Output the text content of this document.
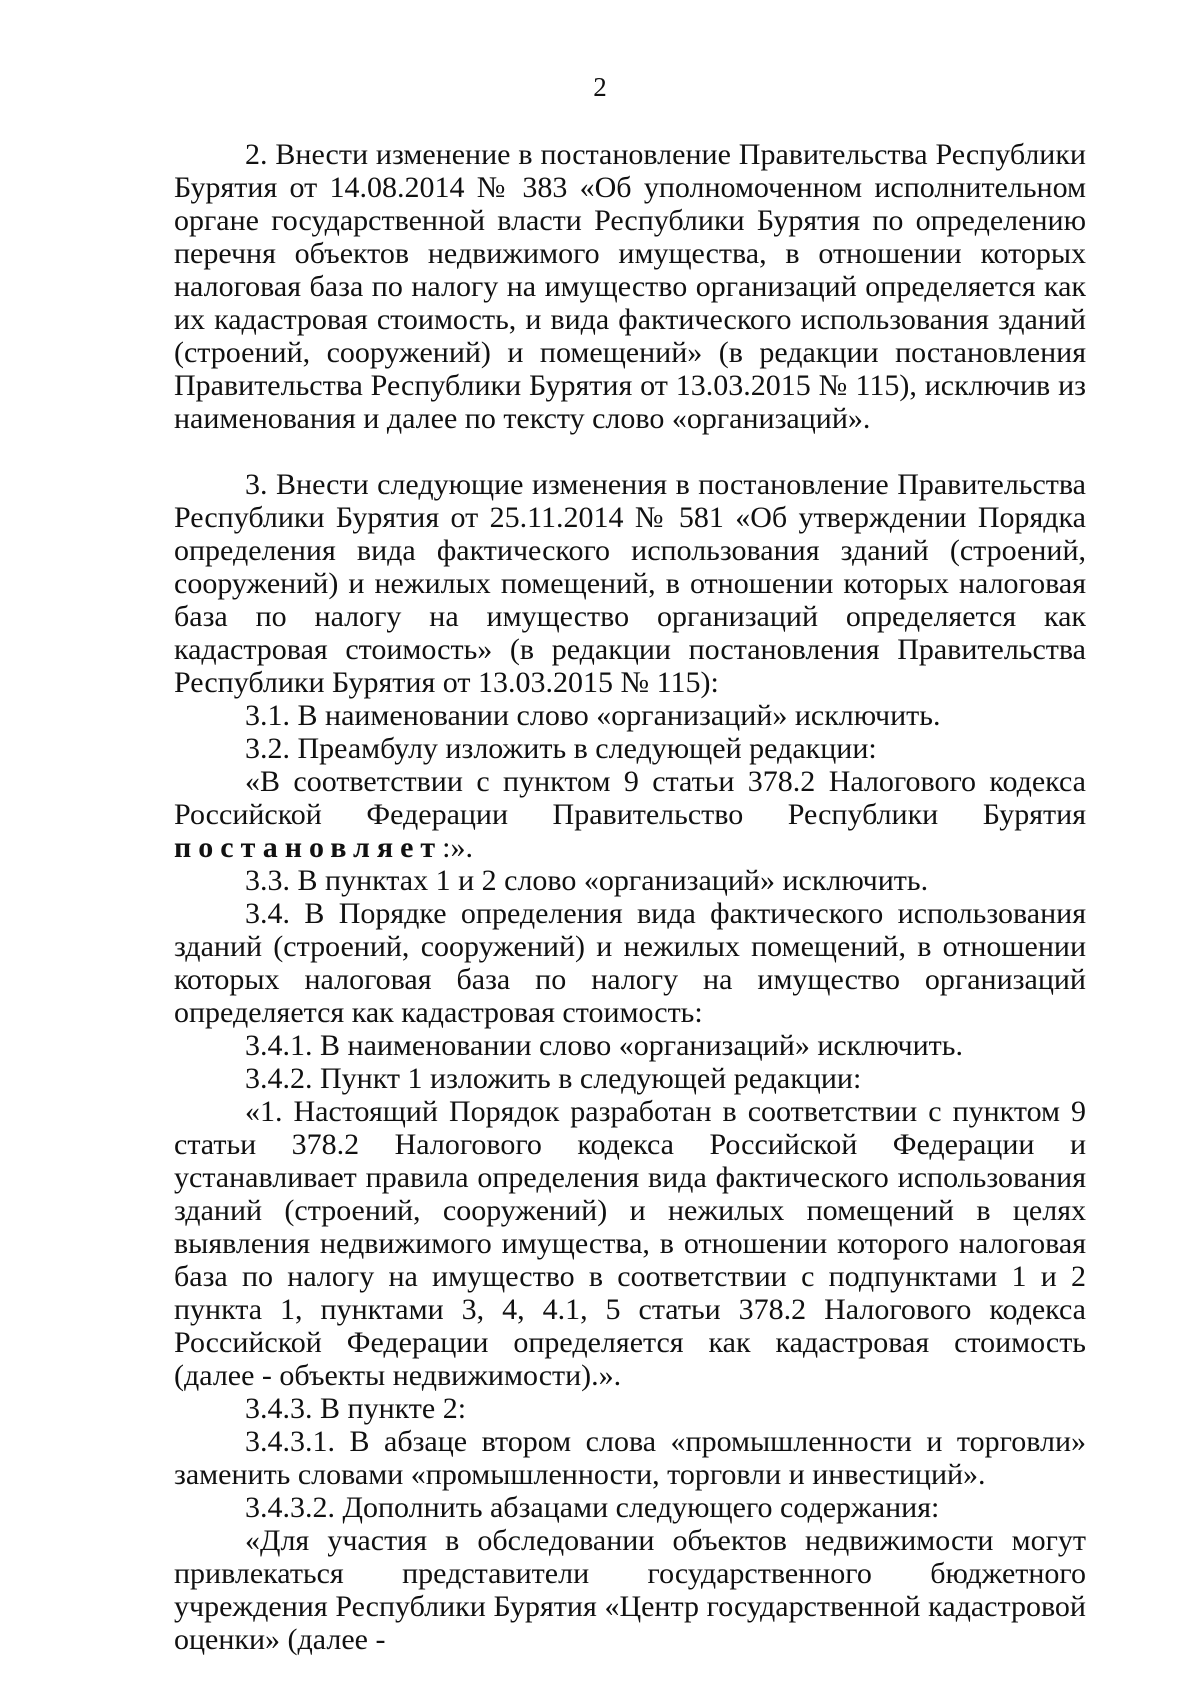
2

2. Внести изменение в постановление Правительства Республики Бурятия от 14.08.2014 № 383 «Об уполномоченном исполнительном органе государственной власти Республики Бурятия по определению перечня объектов недвижимого имущества, в отношении которых налоговая база по налогу на имущество организаций определяется как их кадастровая стоимость, и вида фактического использования зданий (строений, сооружений) и помещений» (в редакции постановления Правительства Республики Бурятия от 13.03.2015 № 115), исключив из наименования и далее по тексту слово «организаций».

3. Внести следующие изменения в постановление Правительства Республики Бурятия от 25.11.2014 № 581 «Об утверждении Порядка определения вида фактического использования зданий (строений, сооружений) и нежилых помещений, в отношении которых налоговая база по налогу на имущество организаций определяется как кадастровая стоимость» (в редакции постановления Правительства Республики Бурятия от 13.03.2015 № 115):

3.1. В наименовании слово «организаций» исключить.

3.2. Преамбулу изложить в следующей редакции:

«В соответствии с пунктом 9 статьи 378.2 Налогового кодекса Российской Федерации Правительство Республики Бурятия постановляет:».

3.3. В пунктах 1 и 2 слово «организаций» исключить.

3.4. В Порядке определения вида фактического использования зданий (строений, сооружений) и нежилых помещений, в отношении которых налоговая база по налогу на имущество организаций определяется как кадастровая стоимость:

3.4.1. В наименовании слово «организаций» исключить.

3.4.2. Пункт 1 изложить в следующей редакции:

«1. Настоящий Порядок разработан в соответствии с пунктом 9 статьи 378.2 Налогового кодекса Российской Федерации и устанавливает правила определения вида фактического использования зданий (строений, сооружений) и нежилых помещений в целях выявления недвижимого имущества, в отношении которого налоговая база по налогу на имущество в соответствии с подпунктами 1 и 2 пункта 1, пунктами 3, 4, 4.1, 5 статьи 378.2 Налогового кодекса Российской Федерации определяется как кадастровая стоимость (далее - объекты недвижимости).».

3.4.3. В пункте 2:

3.4.3.1. В абзаце втором слова «промышленности и торговли» заменить словами «промышленности, торговли и инвестиций».

3.4.3.2. Дополнить абзацами следующего содержания:

«Для участия в обследовании объектов недвижимости могут привлекаться представители государственного бюджетного учреждения Республики Бурятия «Центр государственной кадастровой оценки» (далее -
